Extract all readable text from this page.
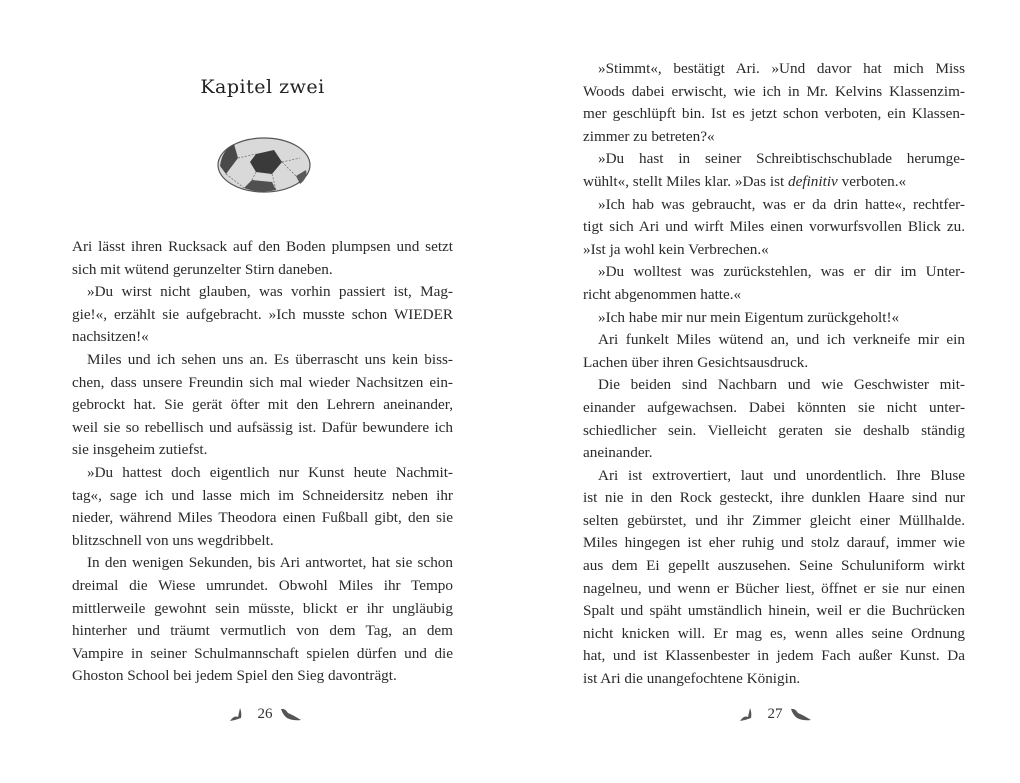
Kapitel zwei
Ari lässt ihren Rucksack auf den Boden plumpsen und setzt
sich mit wütend gerunzelter Stirn daneben.
»Du wirst nicht glauben, was vorhin passiert ist, Mag-
gie!«, erzählt sie aufgebracht. »Ich musste schon WIEDER
nachsitzen!«
Miles und ich sehen uns an. Es überrascht uns kein biss-
chen, dass unsere Freundin sich mal wieder Nachsitzen ein-
gebrockt hat. Sie gerät öfter mit den Lehrern aneinander,
weil sie so rebellisch und aufsässig ist. Dafür bewundere ich
sie insgeheim zutiefst.
»Du hattest doch eigentlich nur Kunst heute Nachmit-
tag«, sage ich und lasse mich im Schneidersitz neben ihr
nieder, während Miles Theodora einen Fußball gibt, den sie
blitzschnell von uns wegdribbelt.
In den wenigen Sekunden, bis Ari antwortet, hat sie schon
dreimal die Wiese umrundet. Obwohl Miles ihr Tempo
mittlerweile gewohnt sein müsste, blickt er ihr ungläubig
hinterher und träumt vermutlich von dem Tag, an dem
Vampire in seiner Schulmannschaft spielen dürfen und die
Ghoston School bei jedem Spiel den Sieg davonträgt.
26
»Stimmt«, bestätigt Ari. »Und davor hat mich Miss
Woods dabei erwischt, wie ich in Mr. Kelvins Klassenzim-
mer geschlüpft bin. Ist es jetzt schon verboten, ein Klassen-
zimmer zu betreten?«
»Du hast in seiner Schreibtischschublade herumge-
wühlt«, stellt Miles klar. »Das ist definitiv verboten.«
»Ich hab was gebraucht, was er da drin hatte«, rechtfer-
tigt sich Ari und wirft Miles einen vorwurfsvollen Blick zu.
»Ist ja wohl kein Verbrechen.«
»Du wolltest was zurückstehlen, was er dir im Unter-
richt abgenommen hatte.«
»Ich habe mir nur mein Eigentum zurückgeholt!«
Ari funkelt Miles wütend an, und ich verkneife mir ein
Lachen über ihren Gesichtsausdruck.
Die beiden sind Nachbarn und wie Geschwister mit-
einander aufgewachsen. Dabei könnten sie nicht unter-
schiedlicher sein. Vielleicht geraten sie deshalb ständig
aneinander.
Ari ist extrovertiert, laut und unordentlich. Ihre Bluse
ist nie in den Rock gesteckt, ihre dunklen Haare sind nur
selten gebürstet, und ihr Zimmer gleicht einer Müllhalde.
Miles hingegen ist eher ruhig und stolz darauf, immer wie
aus dem Ei gepellt auszusehen. Seine Schuluniform wirkt
nagelneu, und wenn er Bücher liest, öffnet er sie nur einen
Spalt und späht umständlich hinein, weil er die Buchrücken
nicht knicken will. Er mag es, wenn alles seine Ordnung
hat, und ist Klassenbester in jedem Fach außer Kunst. Da
ist Ari die unangefochtene Königin.
27
